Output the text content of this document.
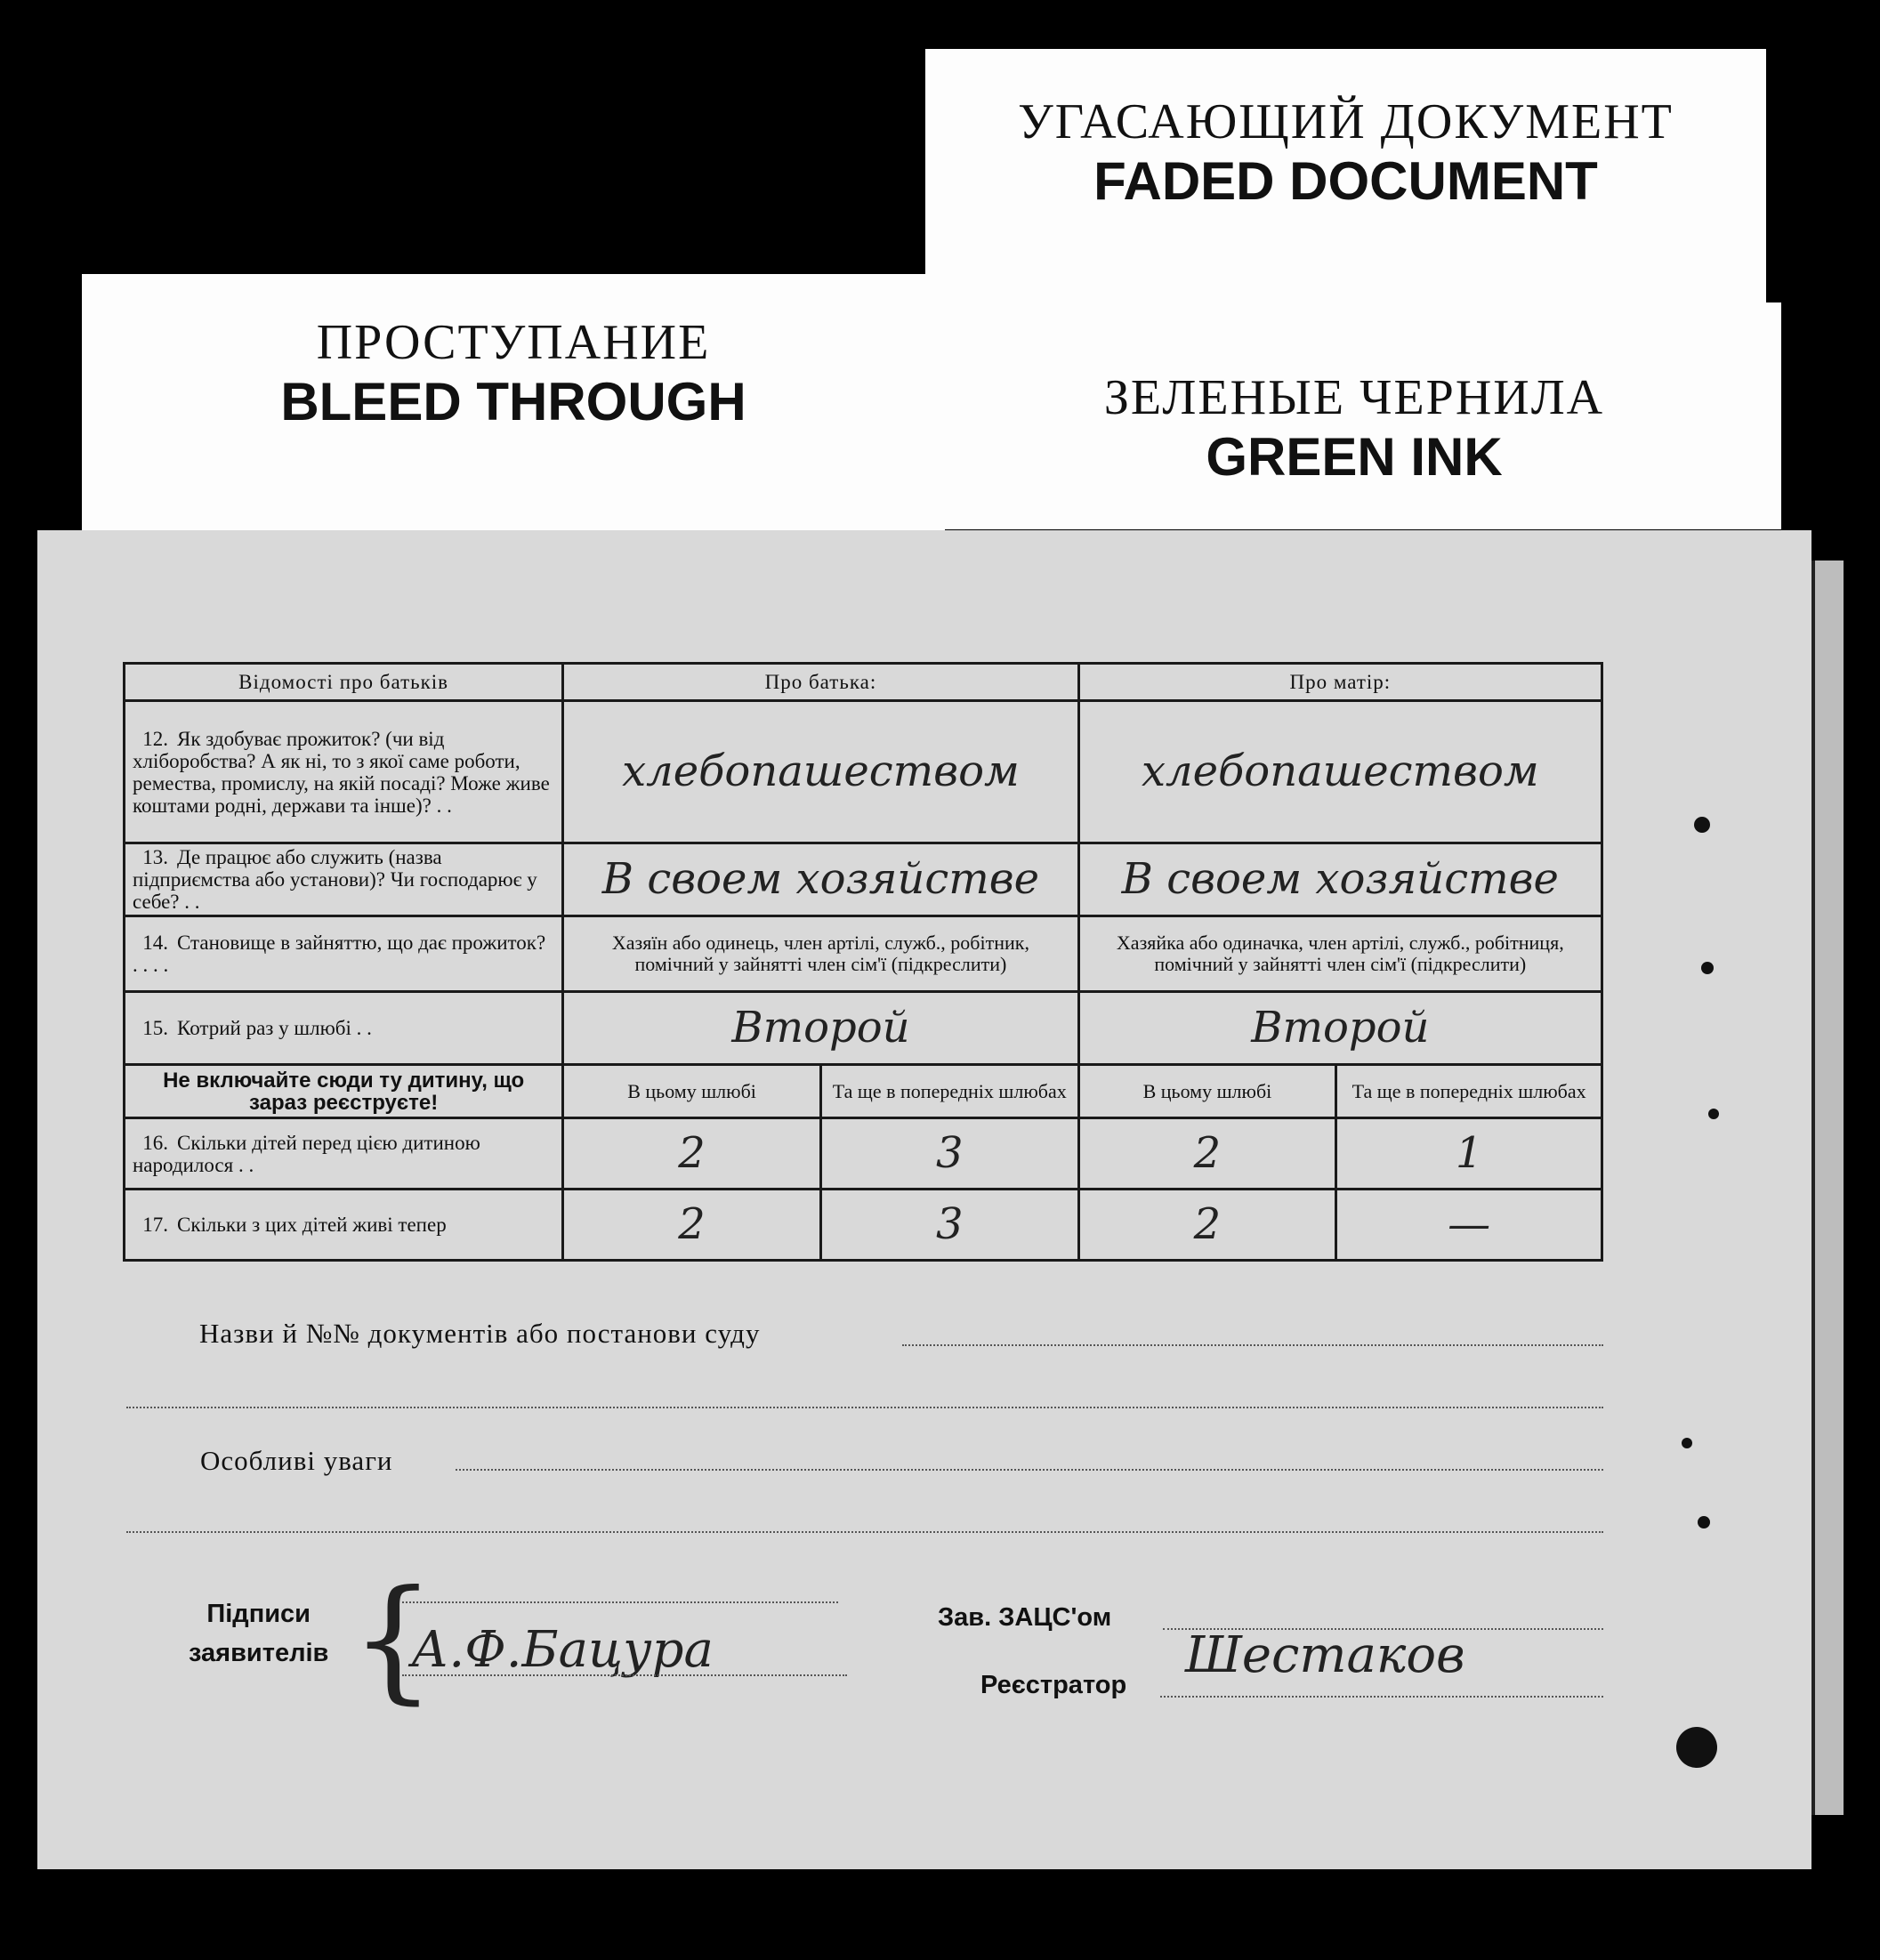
УГАСАЮЩИЙ ДОКУМЕНТ
FADED DOCUMENT
ПРОСТУПАНИЕ
BLEED THROUGH	ЗЕЛЕНЫЕ ЧЕРНИЛА
GREEN INK
Відомості про батьків	Про батька:		Про матір:	
12. Як здобуває прожиток? (чи від хліборобства? А як ні, то з якої саме роботи, ремества, промислу, на якій посаді? Може живе коштами родні, держави та інше)? . .	хлебопашеством		хлебопашеством	
13. Де працює або служить (назва підприємства або установи)? Чи господарює у себе? . .	В своем хозяйстве		В своем хозяйстве	
14. Становище в зайняттю, що дає прожиток? . . . .	Хазяїн або одинець, член артілі, служб., робітник, помічний у зайнятті член сім'ї (підкреслити)		Хазяйка або одиначка, член артілі, служб., робітниця, помічний у зайнятті член сім'ї (підкреслити)	
15. Котрий раз у шлюбі . .	Второй		Второй	
Не включайте сюди ту дитину, що зараз реєструєте!	В цьому шлюбі	Та ще в попередніх шлюбах	В цьому шлюбі	Та ще в попередніх шлюбах
16. Скільки дітей перед цією дитиною народилося . .	2	3	2	1
17. Скільки з цих дітей живі тепер	2	3	2	—
Назви й №№ документів або постанови суду
Особливі уваги
Підписи
заявителів {
А.Ф.Бацура
Зав. ЗАЦС'ом
Реєстратор
Шестаков
